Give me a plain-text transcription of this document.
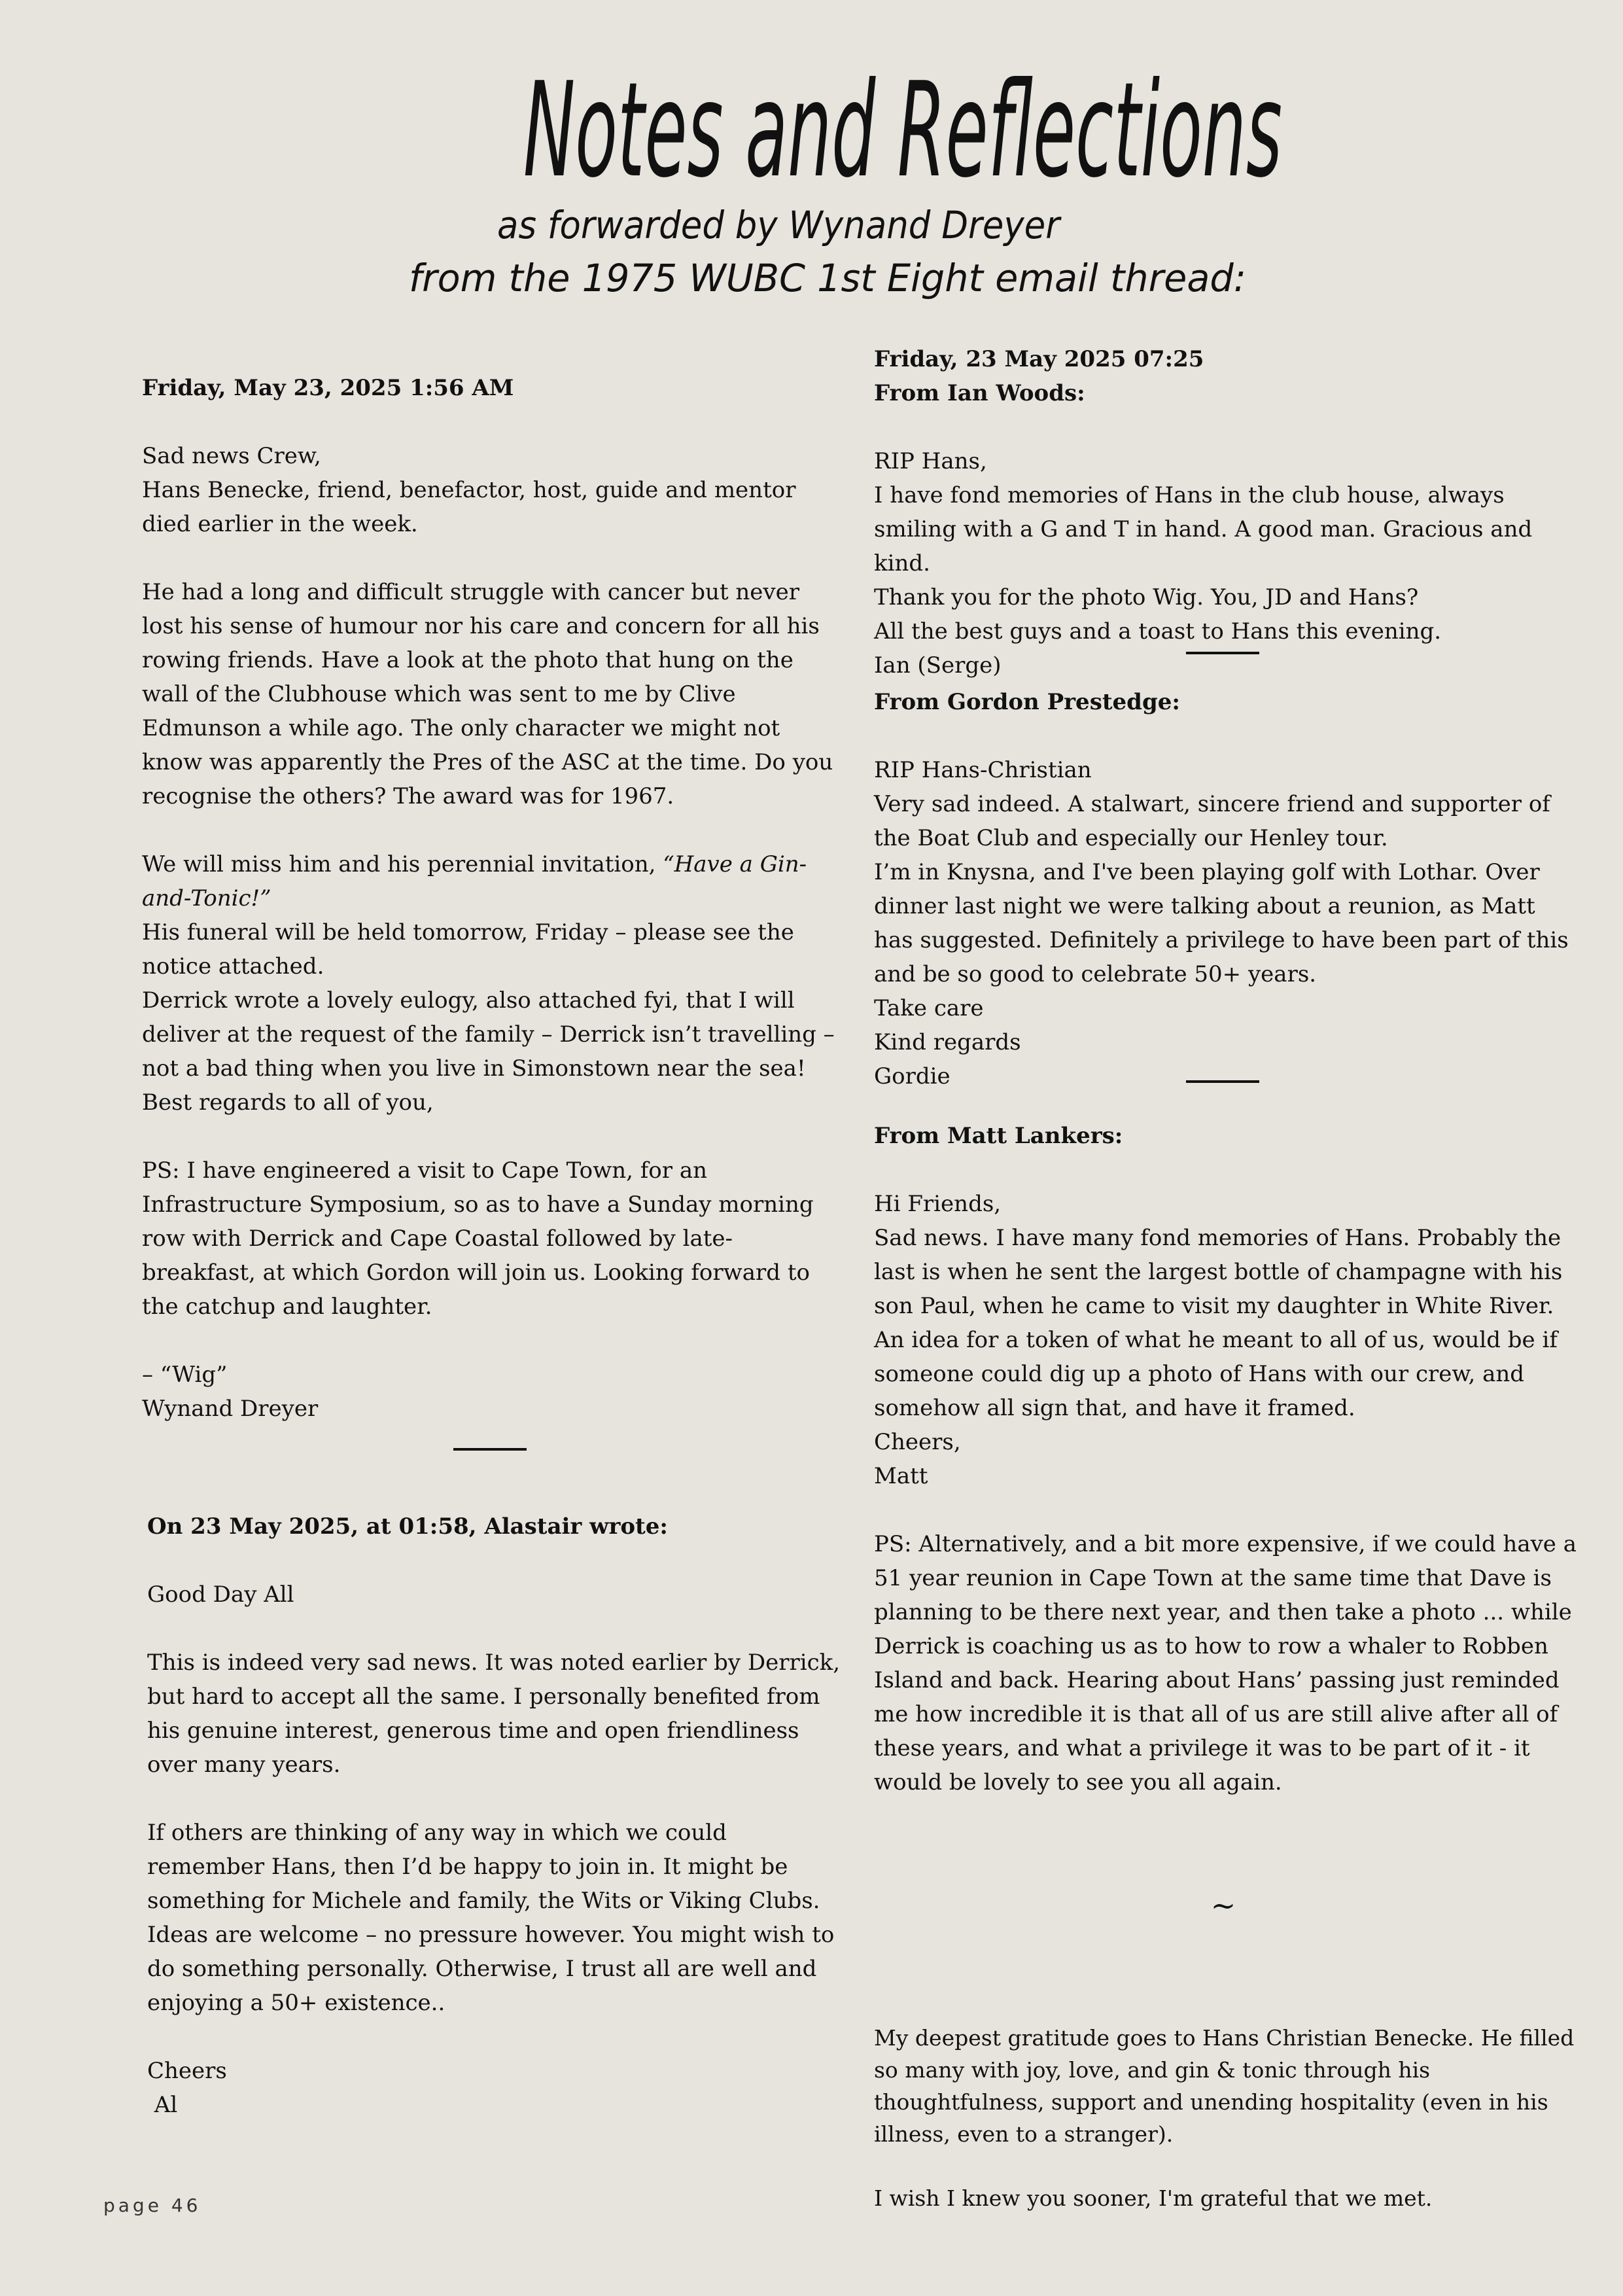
Notes and Reflections
as forwarded by Wynand Dreyer
from the 1975 WUBC 1st Eight email thread:

Friday, May 23, 2025 1:56 AM

Sad news Crew,

Hans Benecke, friend, benefactor, host, guide and mentor died earlier in the week.

He had a long and difficult struggle with cancer but never lost his sense of humour nor his care and concern for all his rowing friends. Have a look at the photo that hung on the wall of the Clubhouse which was sent to me by Clive Edmunson a while ago. The only character we might not know was apparently the Pres of the ASC at the time. Do you recognise the others? The award was for 1967.

We will miss him and his perennial invitation, “Have a Gin-and-Tonic!”

His funeral will be held tomorrow, Friday – please see the notice attached.

Derrick wrote a lovely eulogy, also attached fyi, that I will deliver at the request of the family – Derrick isn’t travelling – not a bad thing when you live in Simonstown near the sea!

Best regards to all of you,

PS: I have engineered a visit to Cape Town, for an Infrastructure Symposium, so as to have a Sunday morning row with Derrick and Cape Coastal followed by late-breakfast, at which Gordon will join us. Looking forward to the catchup and laughter.

– “Wig”

Wynand Dreyer

On 23 May 2025, at 01:58, Alastair wrote:

Good Day All

This is indeed very sad news. It was noted earlier by Derrick, but hard to accept all the same. I personally benefited from his genuine interest, generous time and open friendliness over many years.

If others are thinking of any way in which we could remember Hans, then I’d be happy to join in. It might be something for Michele and family, the Wits or Viking Clubs. Ideas are welcome – no pressure however. You might wish to do something personally. Otherwise, I trust all are well and enjoying a 50+ existence..

Cheers

Al

Friday, 23 May 2025 07:25

From Ian Woods:

RIP Hans,

I have fond memories of Hans in the club house, always smiling with a G and T in hand. A good man. Gracious and kind.

Thank you for the photo Wig. You, JD and Hans?

All the best guys and a toast to Hans this evening.

Ian (Serge)

From Gordon Prestedge:

RIP Hans-Christian

Very sad indeed. A stalwart, sincere friend and supporter of the Boat Club and especially our Henley tour.

I’m in Knysna, and I've been playing golf with Lothar. Over dinner last night we were talking about a reunion, as Matt has suggested. Definitely a privilege to have been part of this and be so good to celebrate 50+ years.

Take care

Kind regards

Gordie

From Matt Lankers:

Hi Friends,

Sad news. I have many fond memories of Hans. Probably the last is when he sent the largest bottle of champagne with his son Paul, when he came to visit my daughter in White River.

An idea for a token of what he meant to all of us, would be if someone could dig up a photo of Hans with our crew, and somehow all sign that, and have it framed.

Cheers,

Matt

PS: Alternatively, and a bit more expensive, if we could have a 51 year reunion in Cape Town at the same time that Dave is planning to be there next year, and then take a photo ... while Derrick is coaching us as to how to row a whaler to Robben Island and back. Hearing about Hans’ passing just reminded me how incredible it is that all of us are still alive after all of these years, and what a privilege it was to be part of it - it would be lovely to see you all again.

~

My deepest gratitude goes to Hans Christian Benecke. He filled so many with joy, love, and gin & tonic through his thoughtfulness, support and unending hospitality (even in his illness, even to a stranger).

I wish I knew you sooner, I'm grateful that we met.

page 46
